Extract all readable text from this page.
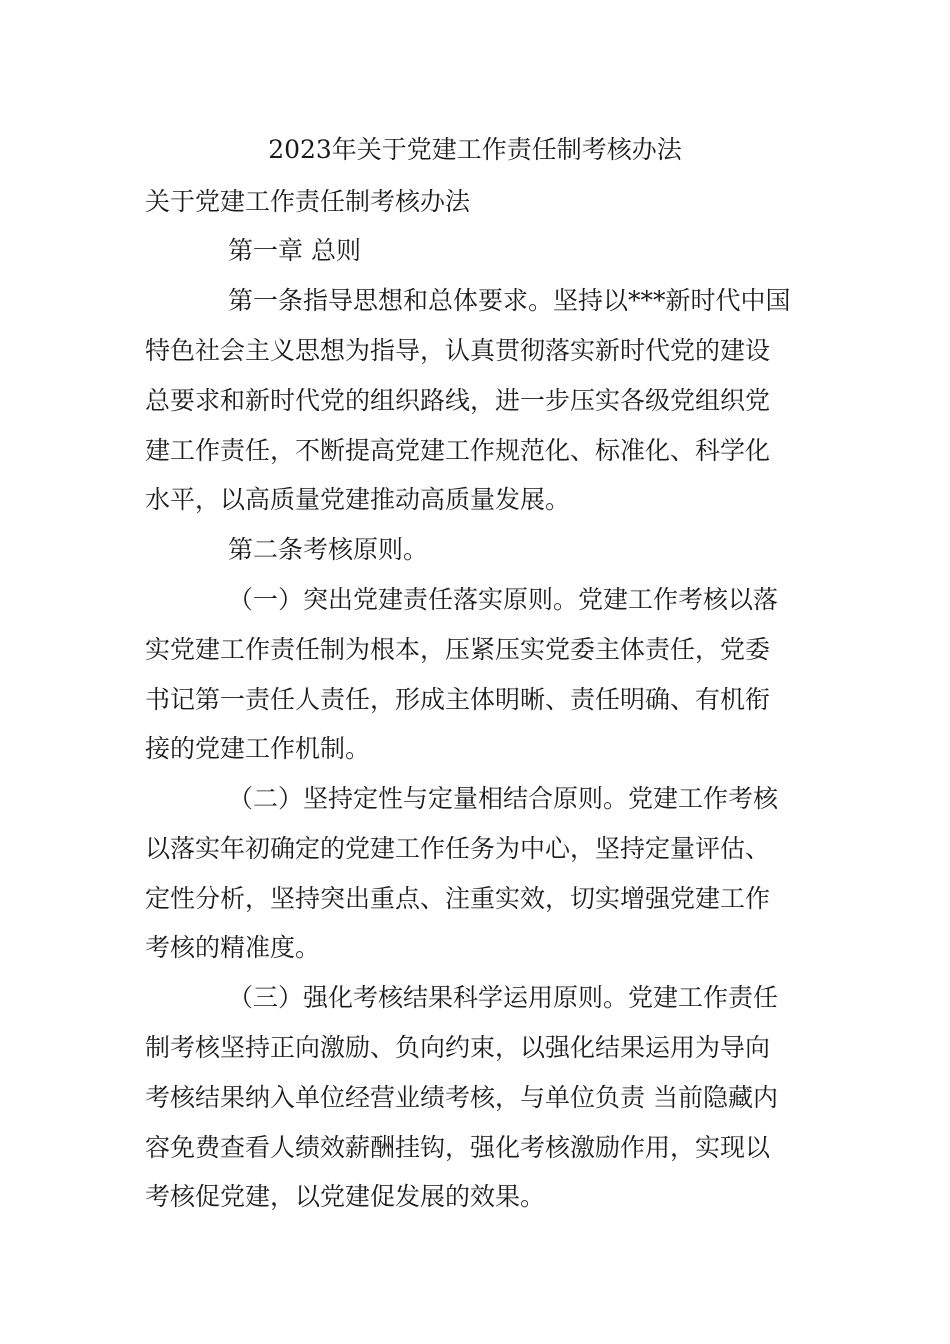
2023年关于党建工作责任制考核办法
关于党建工作责任制考核办法
第一章 总则
第一条指导思想和总体要求。坚持以***新时代中国
特色社会主义思想为指导，认真贯彻落实新时代党的建设
总要求和新时代党的组织路线，进一步压实各级党组织党
建工作责任，不断提高党建工作规范化、标准化、科学化
水平，以高质量党建推动高质量发展。
第二条考核原则。
（一）突出党建责任落实原则。党建工作考核以落
实党建工作责任制为根本，压紧压实党委主体责任，党委
书记第一责任人责任，形成主体明晰、责任明确、有机衔
接的党建工作机制。
（二）坚持定性与定量相结合原则。党建工作考核
以落实年初确定的党建工作任务为中心，坚持定量评估、
定性分析，坚持突出重点、注重实效，切实增强党建工作
考核的精准度。
（三）强化考核结果科学运用原则。党建工作责任
制考核坚持正向激励、负向约束，以强化结果运用为导向
考核结果纳入单位经营业绩考核，与单位负责 当前隐藏内
容免费查看人绩效薪酬挂钩，强化考核激励作用，实现以
考核促党建，以党建促发展的效果。
